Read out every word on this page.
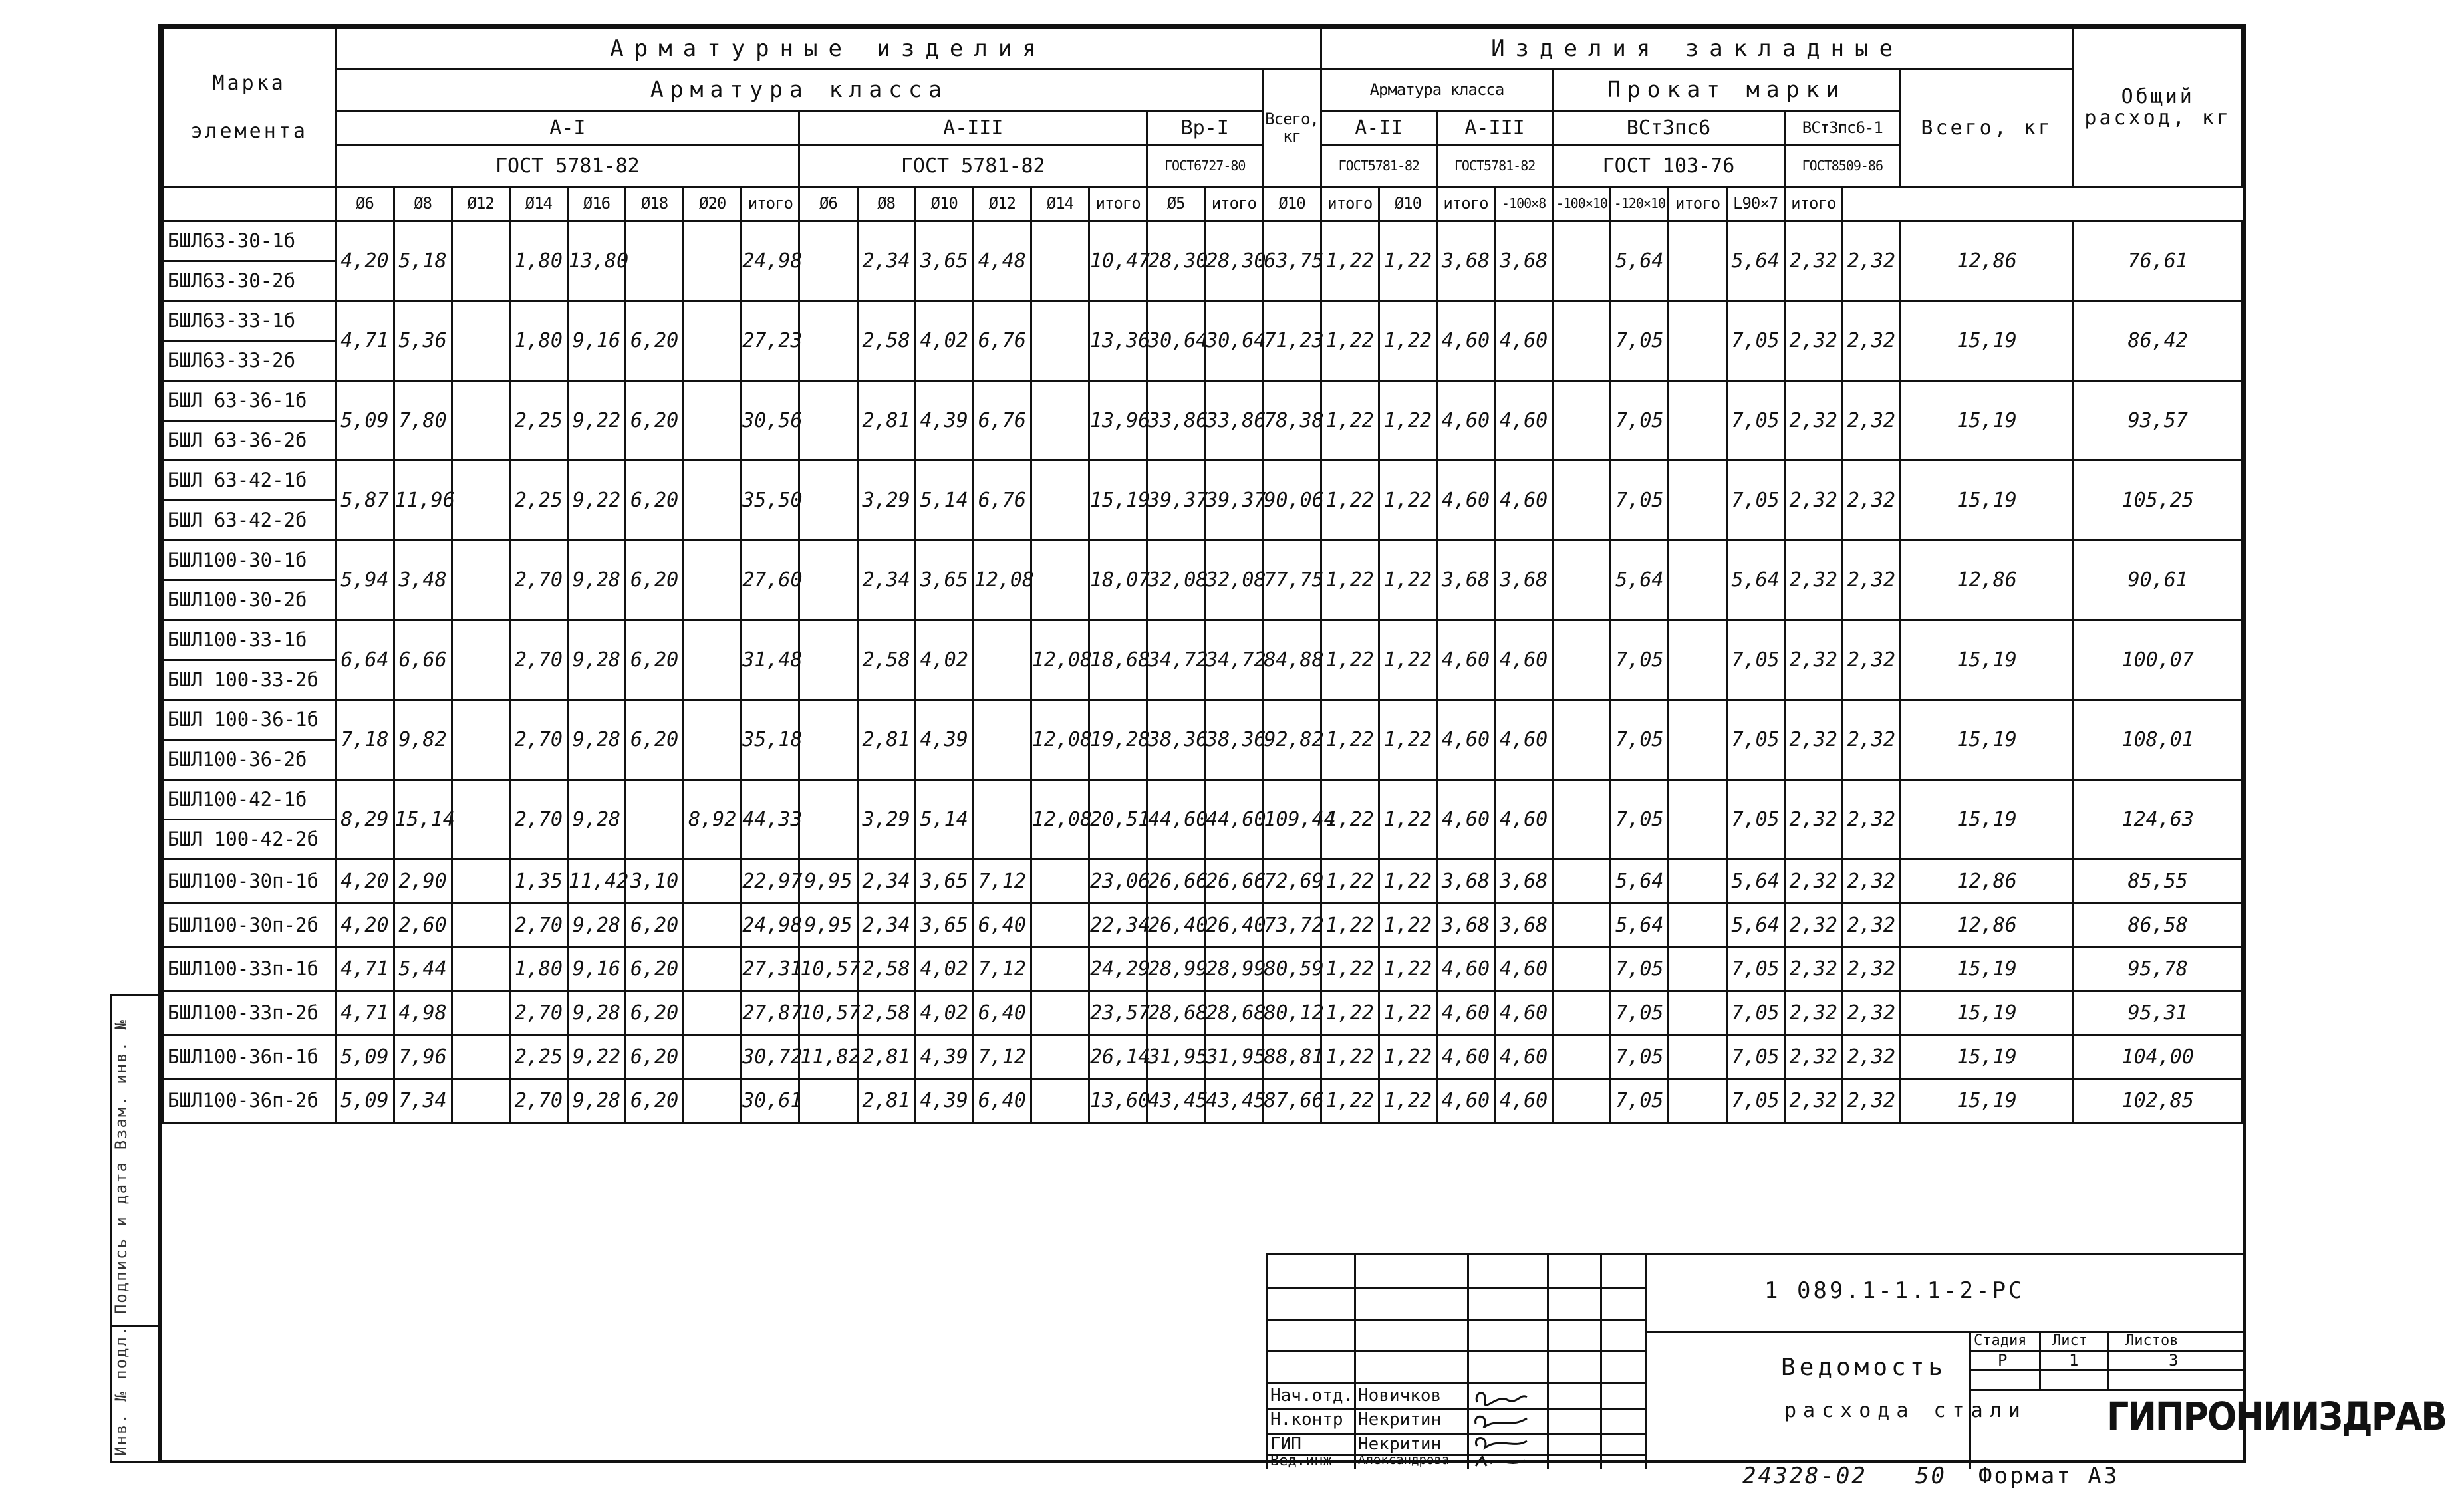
Марка
элемента	Арматурные изделия																	Изделия закладные											Общий расход, кг
	Арматура класса																Всего, кг	Арматура класса				Прокат марки						Всего, кг	
	А-I								А-III						Вр-I			А-II		А-III		ВСт3пс6				ВСт3пс6-1			
	ГОСТ 5781-82								ГОСТ 5781-82						ГОСТ6727-80			ГОСТ5781-82		ГОСТ5781-82		ГОСТ 103-76				ГОСТ8509-86			
	Ø6	Ø8	Ø12	Ø14	Ø16	Ø18	Ø20	итого	Ø6	Ø8	Ø10	Ø12	Ø14	итого	Ø5	итого	Ø10	итого	Ø10	итого	-100×8	-100×10	-120×10	итого	L90×7	итого			
БШЛ63-30-1б	4,20	5,18		1,80	13,80			24,98		2,34	3,65	4,48		10,47	28,30	28,30	63,75	1,22	1,22	3,68	3,68		5,64		5,64	2,32	2,32	12,86	76,61
БШЛ63-30-2б																													
БШЛ63-33-1б	4,71	5,36		1,80	9,16	6,20		27,23		2,58	4,02	6,76		13,36	30,64	30,64	71,23	1,22	1,22	4,60	4,60		7,05		7,05	2,32	2,32	15,19	86,42
БШЛ63-33-2б																													
БШЛ 63-36-1б	5,09	7,80		2,25	9,22	6,20		30,56		2,81	4,39	6,76		13,96	33,86	33,86	78,38	1,22	1,22	4,60	4,60		7,05		7,05	2,32	2,32	15,19	93,57
БШЛ 63-36-2б																													
БШЛ 63-42-1б	5,87	11,96		2,25	9,22	6,20		35,50		3,29	5,14	6,76		15,19	39,37	39,37	90,06	1,22	1,22	4,60	4,60		7,05		7,05	2,32	2,32	15,19	105,25
БШЛ 63-42-2б																													
БШЛ100-30-1б	5,94	3,48		2,70	9,28	6,20		27,60		2,34	3,65	12,08		18,07	32,08	32,08	77,75	1,22	1,22	3,68	3,68		5,64		5,64	2,32	2,32	12,86	90,61
БШЛ100-30-2б																													
БШЛ100-33-1б	6,64	6,66		2,70	9,28	6,20		31,48		2,58	4,02		12,08	18,68	34,72	34,72	84,88	1,22	1,22	4,60	4,60		7,05		7,05	2,32	2,32	15,19	100,07
БШЛ 100-33-2б																													
БШЛ 100-36-1б	7,18	9,82		2,70	9,28	6,20		35,18		2,81	4,39		12,08	19,28	38,36	38,36	92,82	1,22	1,22	4,60	4,60		7,05		7,05	2,32	2,32	15,19	108,01
БШЛ100-36-2б																													
БШЛ100-42-1б	8,29	15,14		2,70	9,28		8,92	44,33		3,29	5,14		12,08	20,51	44,60	44,60	109,44	1,22	1,22	4,60	4,60		7,05		7,05	2,32	2,32	15,19	124,63
БШЛ 100-42-2б																													
БШЛ100-30п-1б	4,20	2,90		1,35	11,42	3,10		22,97	9,95	2,34	3,65	7,12		23,06	26,66	26,66	72,69	1,22	1,22	3,68	3,68		5,64		5,64	2,32	2,32	12,86	85,55
БШЛ100-30п-2б	4,20	2,60		2,70	9,28	6,20		24,98	9,95	2,34	3,65	6,40		22,34	26,40	26,40	73,72	1,22	1,22	3,68	3,68		5,64		5,64	2,32	2,32	12,86	86,58
БШЛ100-33п-1б	4,71	5,44		1,80	9,16	6,20		27,31	10,57	2,58	4,02	7,12		24,29	28,99	28,99	80,59	1,22	1,22	4,60	4,60		7,05		7,05	2,32	2,32	15,19	95,78
БШЛ100-33п-2б	4,71	4,98		2,70	9,28	6,20		27,87	10,57	2,58	4,02	6,40		23,57	28,68	28,68	80,12	1,22	1,22	4,60	4,60		7,05		7,05	2,32	2,32	15,19	95,31
БШЛ100-36п-1б	5,09	7,96		2,25	9,22	6,20		30,72	11,82	2,81	4,39	7,12		26,14	31,95	31,95	88,81	1,22	1,22	4,60	4,60		7,05		7,05	2,32	2,32	15,19	104,00
БШЛ100-36п-2б	5,09	7,34		2,70	9,28	6,20		30,61		2,81	4,39	6,40		13,60	43,45	43,45	87,66	1,22	1,22	4,60	4,60		7,05		7,05	2,32	2,32	15,19	102,85
Стадия Лист	Листов
Р	1	3
Нач.отд. Новичков
Н.контр Некритин
ГИП	Некритин
Вед.инж Александрова
1 089.1-1.1-2-РС
Ведомость
расхода стали ГИПРОНИИЗДРАВ
Инв. № подл. Подпись и дата Взам. инв. №
24328-02 50 Формат А3
